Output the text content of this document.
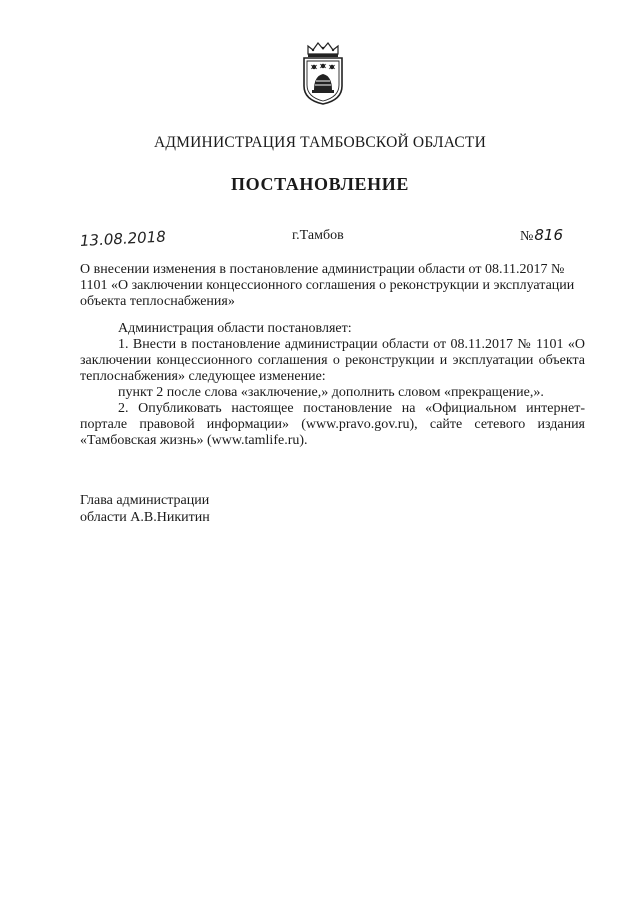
АДМИНИСТРАЦИЯ ТАМБОВСКОЙ ОБЛАСТИ
ПОСТАНОВЛЕНИЕ
13.08.2018	г.Тамбов	№816
О внесении изменения в постановление администрации области от 08.11.2017 № 1101 «О заключении концессионного соглашения о реконструкции и эксплуатации объекта теплоснабжения»

Администрация области постановляет:

1. Внести в постановление администрации области от 08.11.2017 № 1101 «О заключении концессионного соглашения о реконструкции и эксплуатации объекта теплоснабжения» следующее изменение:

пункт 2 после слова «заключение,» дополнить словом «прекращение,».

2. Опубликовать настоящее постановление на «Официальном интернет-портале правовой информации» (www.pravo.gov.ru), сайте сетевого издания «Тамбовская жизнь» (www.tamlife.ru).

Глава администрации
области А.В.Никитин
